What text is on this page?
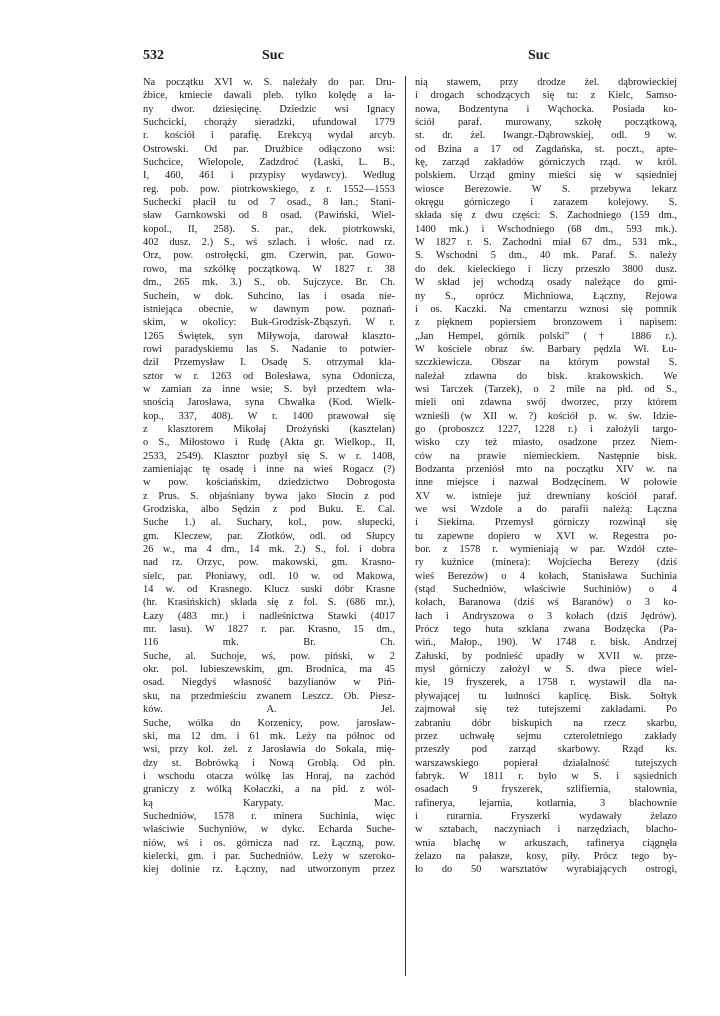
532	Suc	Suc

Na początku XVI w. S. należały do par. Dru-

żbice, kmiecie dawali pleb. tylko kolędę a ła-

ny dwor. dziesięcinę. Dziedzic wsi Ignacy

Suchcicki, chorąży sieradzki, ufundował 1779

r. kościół i parafię. Erekcyą wydał arcyb.

Ostrowski. Od par. Drużbice odłączono wsi:

Suchcice, Wielopole, Zadzdroć (Łaski, L. B.,

I, 460, 461 i przypisy wydawcy). Według

reg. pob. pow. piotrkowskiego, z r. 1552—1553

Suchecki płacił tu od 7 osad., 8 łan.; Stani-

sław Garnkowski od 8 osad. (Pawiński, Wiel-

kopol., II, 258). S. par., dek. piotrkowski,

402 dusz. 2.) S., wś szlach. i włośc. nad rz.

Orz, pow. ostrołęcki, gm. Czerwin, par. Gowo-

rowo, ma szkółkę początkową. W 1827 r. 38

dm., 265 mk. 3.) S., ob. Sujczyce. Br. Ch.

Suchein, w dok. Suhcino, las i osada nie-

istniejąca obecnie, w dawnym pow. poznań-

skim, w okolicy: Buk-Grodzisk-Zbąszyń. W r.

1265 Świętek, syn Miływoja, darował klaszto-

rowi paradyskiemu las S. Nadanie to potwier-

dził Przemysław I. Osadę S. otrzymał kla-

sztor w r. 1263 od Bolesława, syna Odonicza,

w zamian za inne wsie; S. był przedtem wła-

snością Jarosława, syna Chwałka (Kod. Wielk-

kop., 337, 408). W r. 1400 prawował się

z klasztorem Mikołaj Drożyński (kasztelan)

o S., Miłostowo i Rudę (Akta gr. Wielkop., II,

2533, 2549). Klasztor pozbył się S. w r. 1408,

zamieniając tę osadę i inne na wieś Rogacz (?)

w pow. kościańskim, dziedzictwo Dobrogosta

z Prus. S. objaśniany bywa jako Słocin z pod

Grodziska, albo Sędzin z pod Buku. E. Cal.

Suche 1.) al. Suchary, kol., pow. słupecki,

gm. Kleczew, par. Złotków, odl. od Słupcy

26 w., ma 4 dm., 14 mk. 2.) S., fol. i dobra

nad rz. Orzyc, pow. makowski, gm. Krasno-

sielc, par. Płoniawy, odl. 10 w. od Makowa,

14 w. od Krasnego. Klucz suski dóbr Krasne

(hr. Krasińskich) składa się z fol. S. (686 mr.),

Łazy (483 mr.) i nadleśnictwa Stawki (4017

mr. lasu). W 1827 r. par. Krasno, 15 dm.,

116 mk. Br. Ch.

Suche, al. Suchoje, wś, pow. piński, w 2

okr. pol. lubieszewskim, gm. Brodnica, ma 45

osad. Niegdyś własność bazylianów w Piń-

sku, na przedmieściu zwanem Leszcz. Ob. Piesz-

ków. A. Jel.

Suche, wólka do Korzenicy, pow. jarosław-

ski, ma 12 dm. i 61 mk. Leży na północ od

wsi, przy kol. żel. z Jarosławia do Sokala, mię-

dzy st. Bobrówką i Nową Groblą. Od płn.

i wschodu otacza wólkę las Horaj, na zachód

graniczy z wólką Kołaczki, a na płd. z wól-

ką Karypaty. Mac.

Suchedniów, 1578 r. minera Suchinia, więc

właściwie Suchyniów, w dykc. Echarda Suche-

niów, wś i os. górnicza nad rz. Łączną, pow.

kielecki, gm. i par. Suchedniów. Leży w szeroko-

kiej dolinie rz. Łączny, nad utworzonym przez

nią stawem, przy drodze żel. dąbrowieckiej

i drogach schodzących się tu: z Kielc, Samso-

nowa, Bodzentyna i Wąchocka. Posiada ko-

ściół paraf. murowany, szkołę początkową,

st. dr. żel. Iwangr.-Dąbrowskiej, odl. 9 w.

od Bzina a 17 od Zagdańska, st. poczt., apte-

kę, zarząd zakładów górniczych rząd. w król.

polskiem. Urząd gminy mieści się w sąsiedniej

wiosce Berezowie. W S. przebywa lekarz

okręgu górniczego i zarazem kolejowy. S.

składa się z dwu części: S. Zachodniego (159 dm.,

1400 mk.) i Wschodniego (68 dm., 593 mk.).

W 1827 r. S. Zachodni miał 67 dm., 531 mk.,

S. Wschodni 5 dm., 40 mk. Paraf. S. należy

do dek. kieleckiego i liczy przeszło 3800 dusz.

W skład jej wchodzą osady należące do gmi-

ny S., oprócz Michniowa, Łączny, Rejowa

i os. Kaczki. Na cmentarzu wznosi się pomnik

z pięknem popiersiem bronzowem i napisem:

„Jan Hempel, górnik polski” († 1886 r.).

W kościele obraz św. Barbary pędzla Wł. Łu-

szczkiewicza. Obszar na którym powstał S.

należał zdawna do bisk. krakowskich. We

wsi Tarczek (Tarzek), o 2 mile na płd. od S.,

mieli oni zdawna swój dworzec, przy którem

wznieśli (w XII w. ?) kościół p. w. św. Idzie-

go (proboszcz 1227, 1228 r.) i założyli targo-

wisko czy też miasto, osadzone przez Niem-

ców na prawie niemieckiem. Następnie bisk.

Bodzanta przeniósł mto na początku XIV w. na

inne miejsce i nazwał Bodzęcinem. W połowie

XV w. istnieje już drewniany kościół paraf.

we wsi Wzdole a do parafii należą: Łączna

i Siekirna. Przemysł górniczy rozwinął się

tu zapewne dopiero w XVI w. Regestra po-

bor. z 1578 r. wymieniają w par. Wzdół czte-

ry kuźnice (minera): Wojciecha Berezy (dziś

wieś Berezów) o 4 kołach, Stanisława Suchinia

(stąd Suchedniów, właściwie Suchiniów) o 4

kołach, Baranowa (dziś wś Baranów) o 3 ko-

łach i Andryszowa o 3 kołach (dziś Jędrów).

Prócz tego huta szklana zwana Bodzęcka (Pa-

wiń., Małop., 190). W 1748 r. bisk. Andrzej

Załuski, by podnieść upadły w XVII w. prze-

mysł górniczy założył w S. dwa piece wiel-

kie, 19 fryszerek, a 1758 r. wystawił dla na-

pływającej tu ludności kaplicę. Bisk. Sołtyk

zajmował się też tutejszemi zakładami. Po

zabraniu dóbr biskupich na rzecz skarbu,

przez uchwałę sejmu czteroletniego zakłady

przeszły pod zarząd skarbowy. Rząd ks.

warszawskiego popierał działalność tutejszych

fabryk. W 1811 r. było w S. i sąsiednich

osadach 9 fryszerek, szlifiernia, stalownia,

rafinerya, lejarnia, kotlarnia, 3 blachownie

i rurarnia. Fryszerki wydawały żelazo

w sztabach, naczyniach i narzędziach, blacho-

wnia blachę w arkuszach, rafinerya ciągnęła

żelazo na pałasze, kosy, piły. Prócz tego by-

ło do 50 warsztatów wyrabiających ostrogi,
